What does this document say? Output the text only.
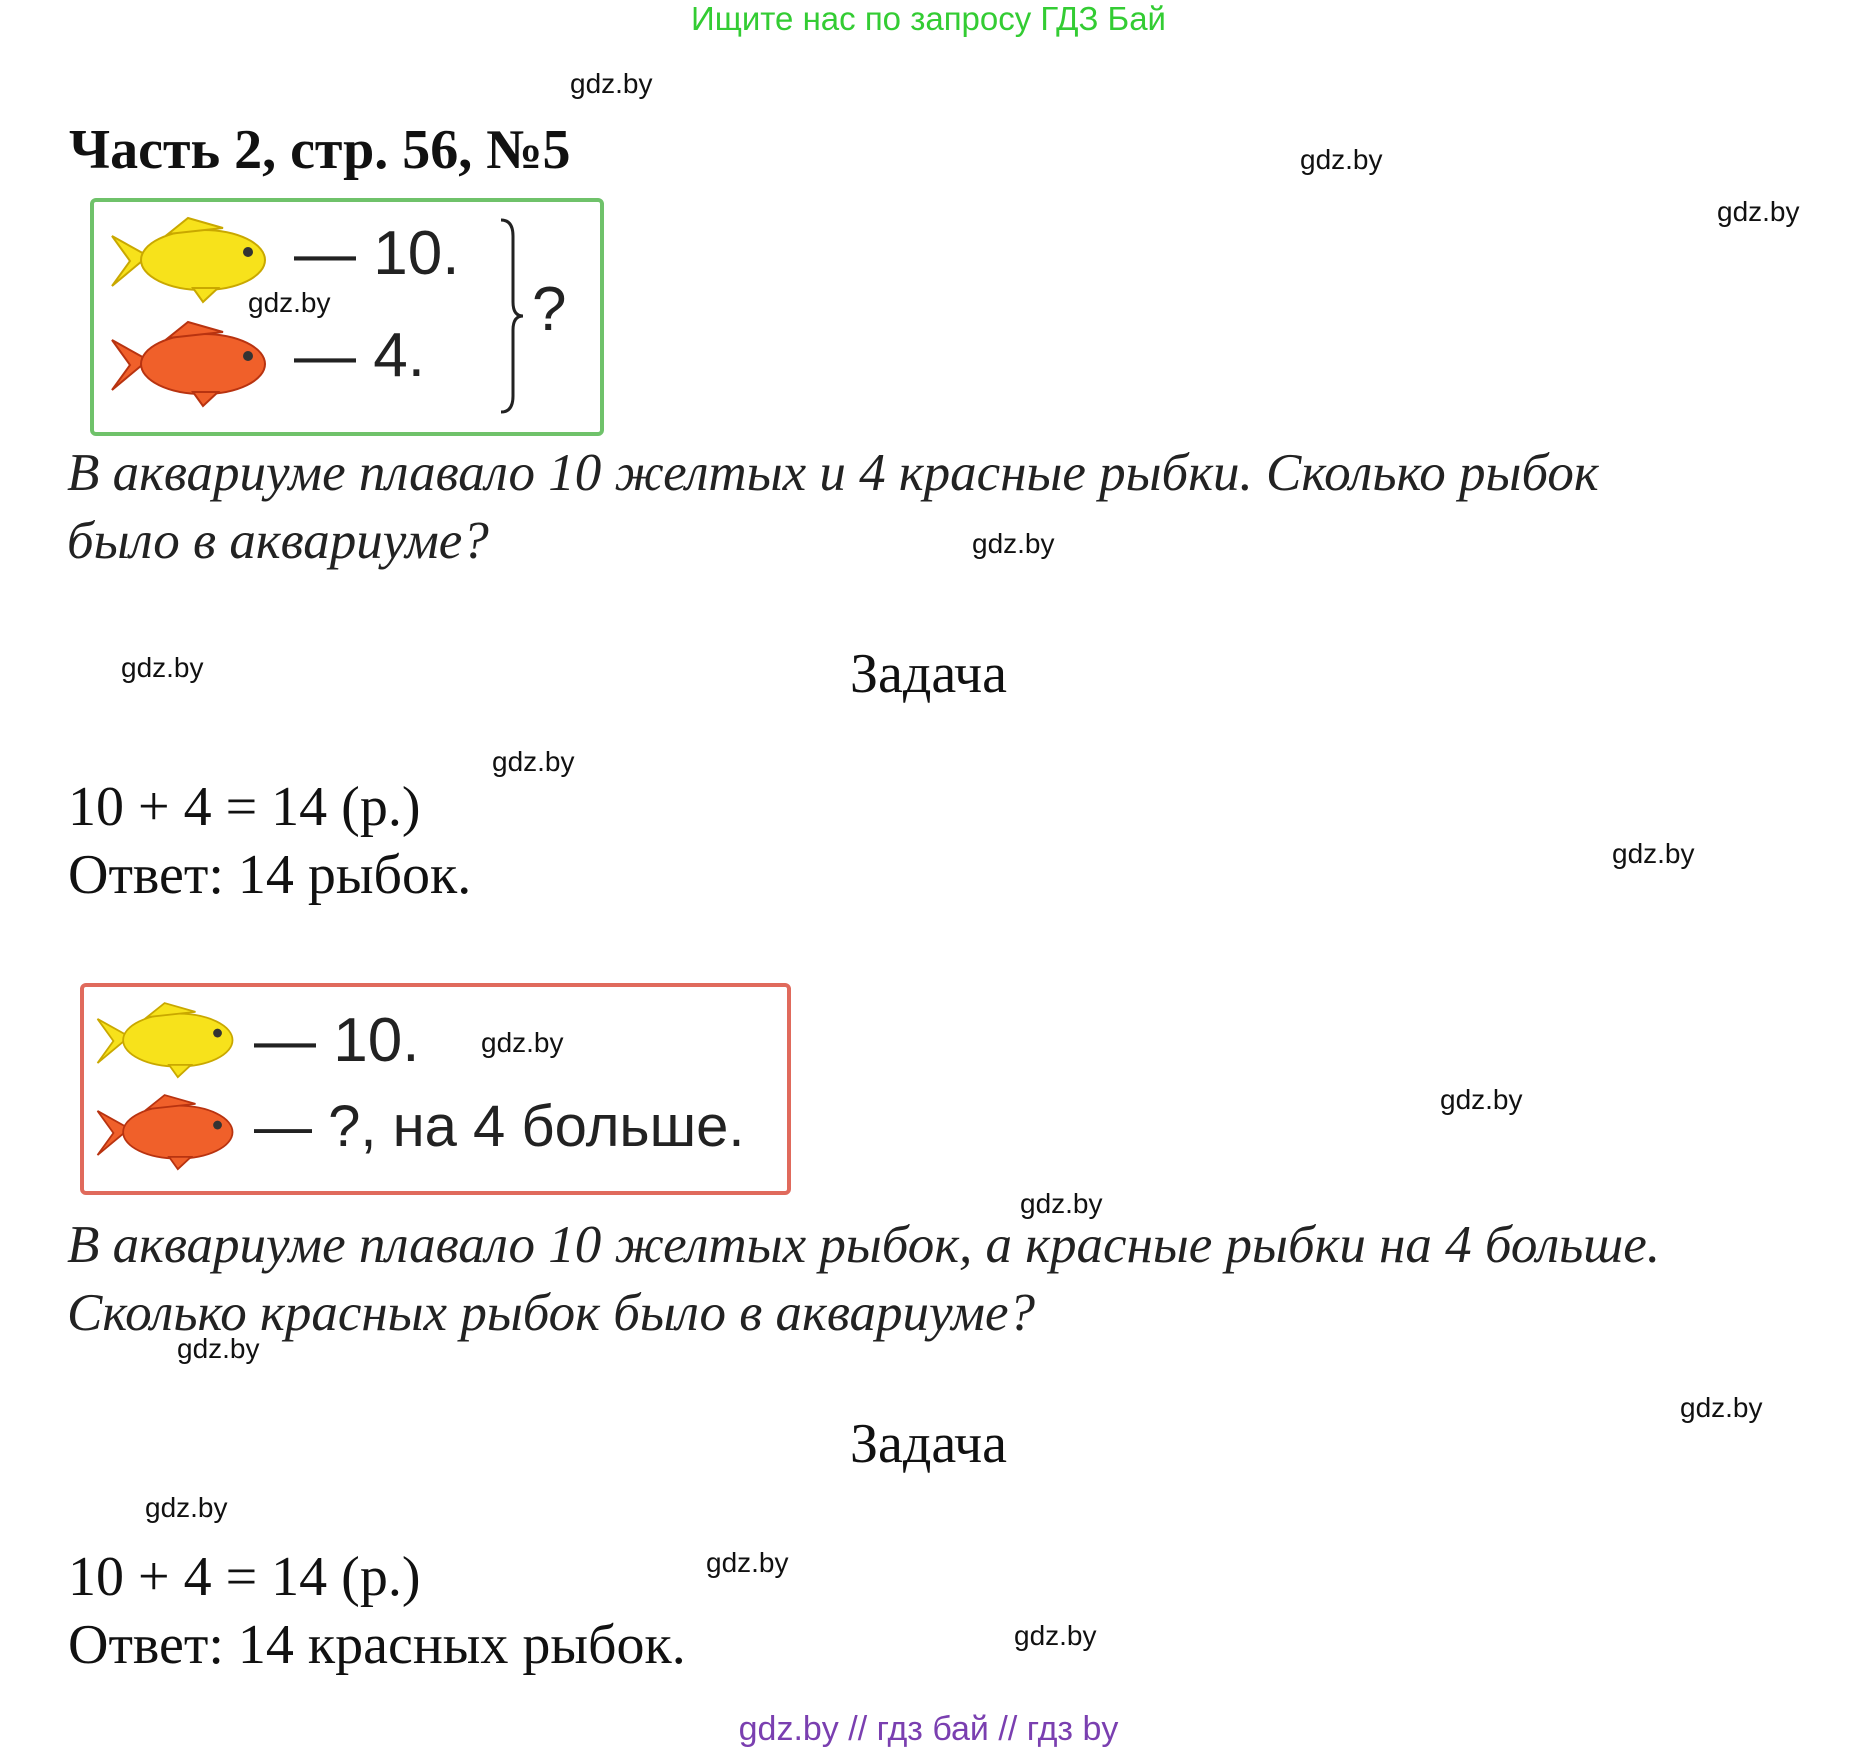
Ищите нас по запросу ГДЗ Бай
Часть 2, стр. 56, №5
— 10.
— 4.
?
В аквариуме плавало 10 желтых и 4 красные рыбки. Сколько рыбок
было в аквариуме?
Задача
10 + 4 = 14 (р.)
Ответ: 14 рыбок.
— 10.
— ?, на 4 больше.
В аквариуме плавало 10 желтых рыбок, а красные рыбки на 4 больше.
Сколько красных рыбок было в аквариуме?
Задача
10 + 4 = 14 (р.)
Ответ: 14 красных рыбок.
gdz.by
gdz.by
gdz.by
gdz.by
gdz.by
gdz.by
gdz.by
gdz.by
gdz.by
gdz.by
gdz.by
gdz.by
gdz.by
gdz.by
gdz.by
gdz.by
gdz.by // гдз бай // гдз by
